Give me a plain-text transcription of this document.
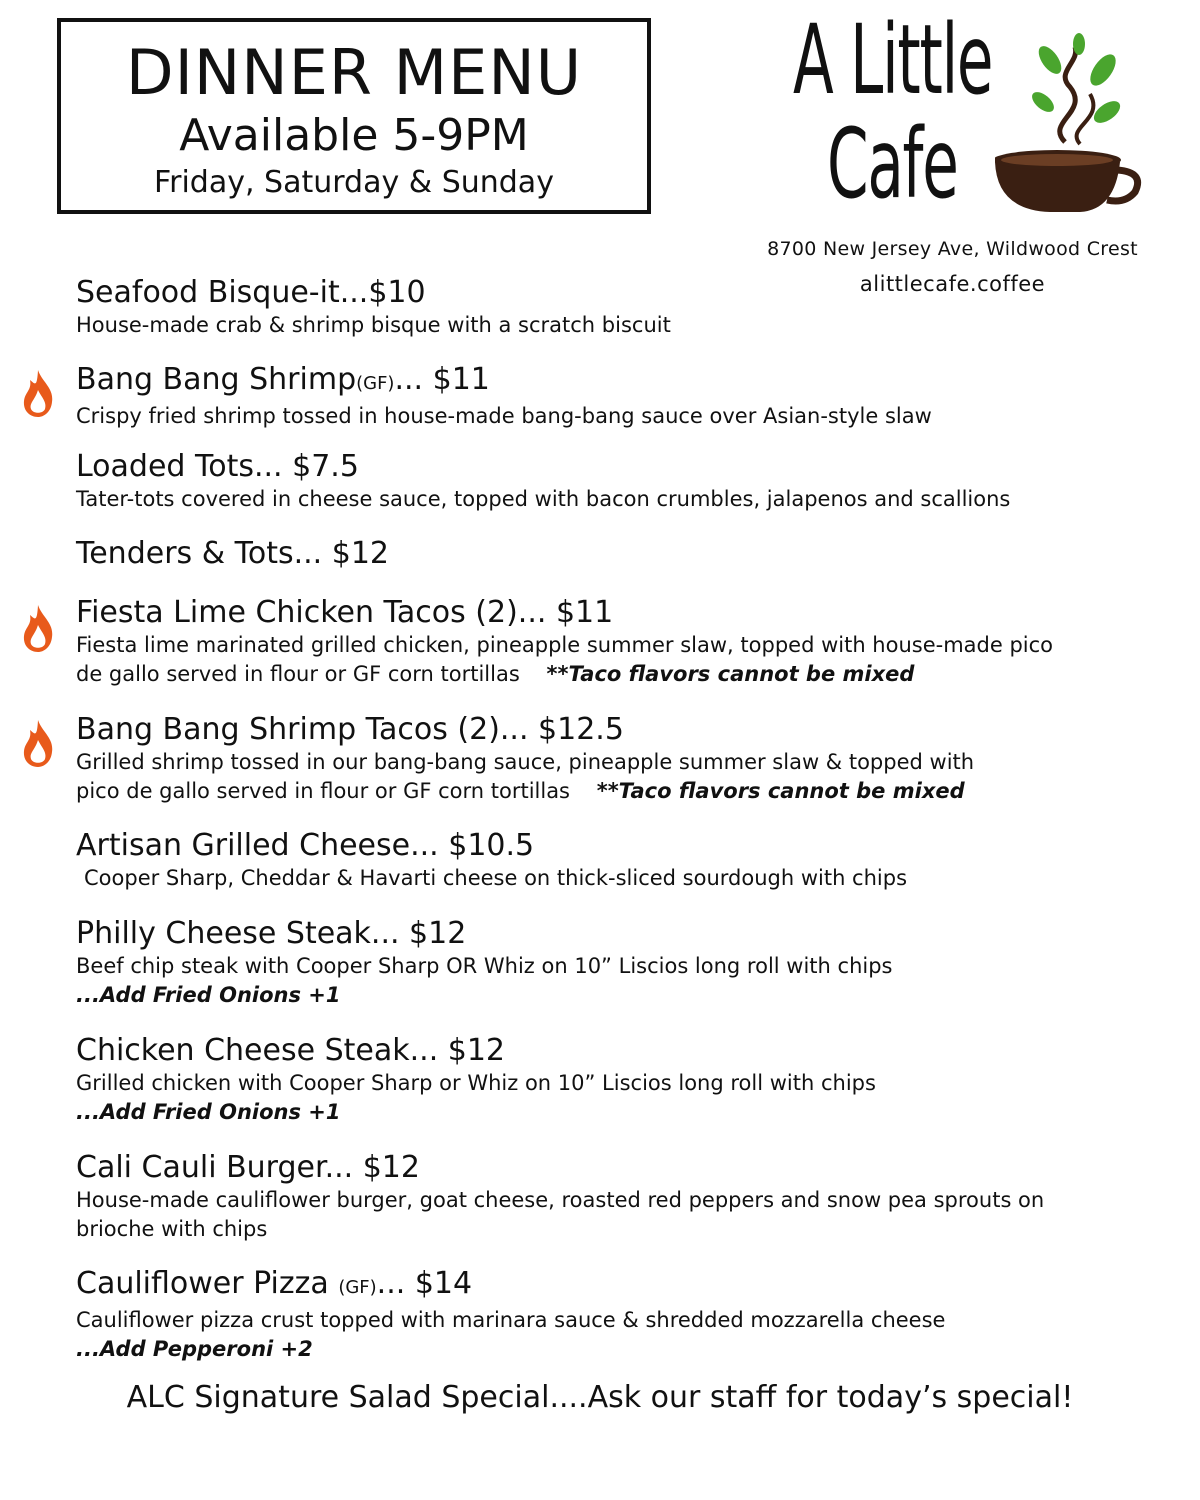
DINNER MENU
Available 5-9PM
Friday, Saturday & Sunday
A Little
Cafe
8700 New Jersey Ave, Wildwood Crest
alittlecafe.coffee
Seafood Bisque-it...$10
House-made crab & shrimp bisque with a scratch biscuit
Bang Bang Shrimp(GF)... $11
Crispy fried shrimp tossed in house-made bang-bang sauce over Asian-style slaw
Loaded Tots... $7.5
Tater-tots covered in cheese sauce, topped with bacon crumbles, jalapenos and scallions
Tenders & Tots... $12
Fiesta Lime Chicken Tacos (2)... $11
Fiesta lime marinated grilled chicken, pineapple summer slaw, topped with house-made pico
de gallo served in flour or GF corn tortillas **Taco flavors cannot be mixed
Bang Bang Shrimp Tacos (2)... $12.5
Grilled shrimp tossed in our bang-bang sauce, pineapple summer slaw & topped with
pico de gallo served in flour or GF corn tortillas **Taco flavors cannot be mixed
Artisan Grilled Cheese... $10.5
Cooper Sharp, Cheddar & Havarti cheese on thick-sliced sourdough with chips
Philly Cheese Steak... $12
Beef chip steak with Cooper Sharp OR Whiz on 10” Liscios long roll with chips
...Add Fried Onions +1
Chicken Cheese Steak... $12
Grilled chicken with Cooper Sharp or Whiz on 10” Liscios long roll with chips
...Add Fried Onions +1
Cali Cauli Burger... $12
House-made cauliflower burger, goat cheese, roasted red peppers and snow pea sprouts on
brioche with chips
Cauliflower Pizza (GF)... $14
Cauliflower pizza crust topped with marinara sauce & shredded mozzarella cheese
...Add Pepperoni +2
ALC Signature Salad Special....Ask our staff for today’s special!
